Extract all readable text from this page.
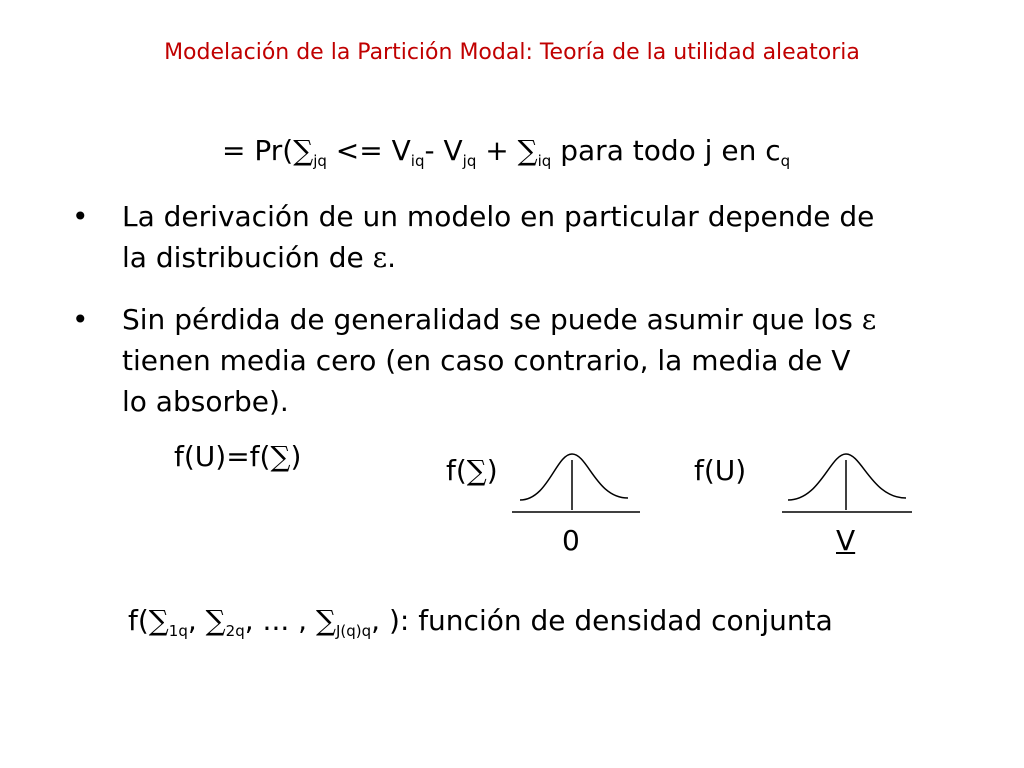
Modelación de la Partición Modal: Teoría de la utilidad aleatoria
= $Pr(\sum_{jq} <= V_{iq}-$ $V_{jq} + \sum_{iq}$ para todo j en $c_q$
• La derivación de un modelo en particular depende de
la distribución de ε.
• Sin pérdida de generalidad se puede asumir que los ε
tienen media cero (en caso contrario, la media de V
lo absorbe).
f(U)=f(∑)	f(∑)
0
f(U)
V
$f(\sum_{1q}$, $\sum_{2q}$, ... , $\sum_{J(q)q}$, ): función de densidad conjunta
